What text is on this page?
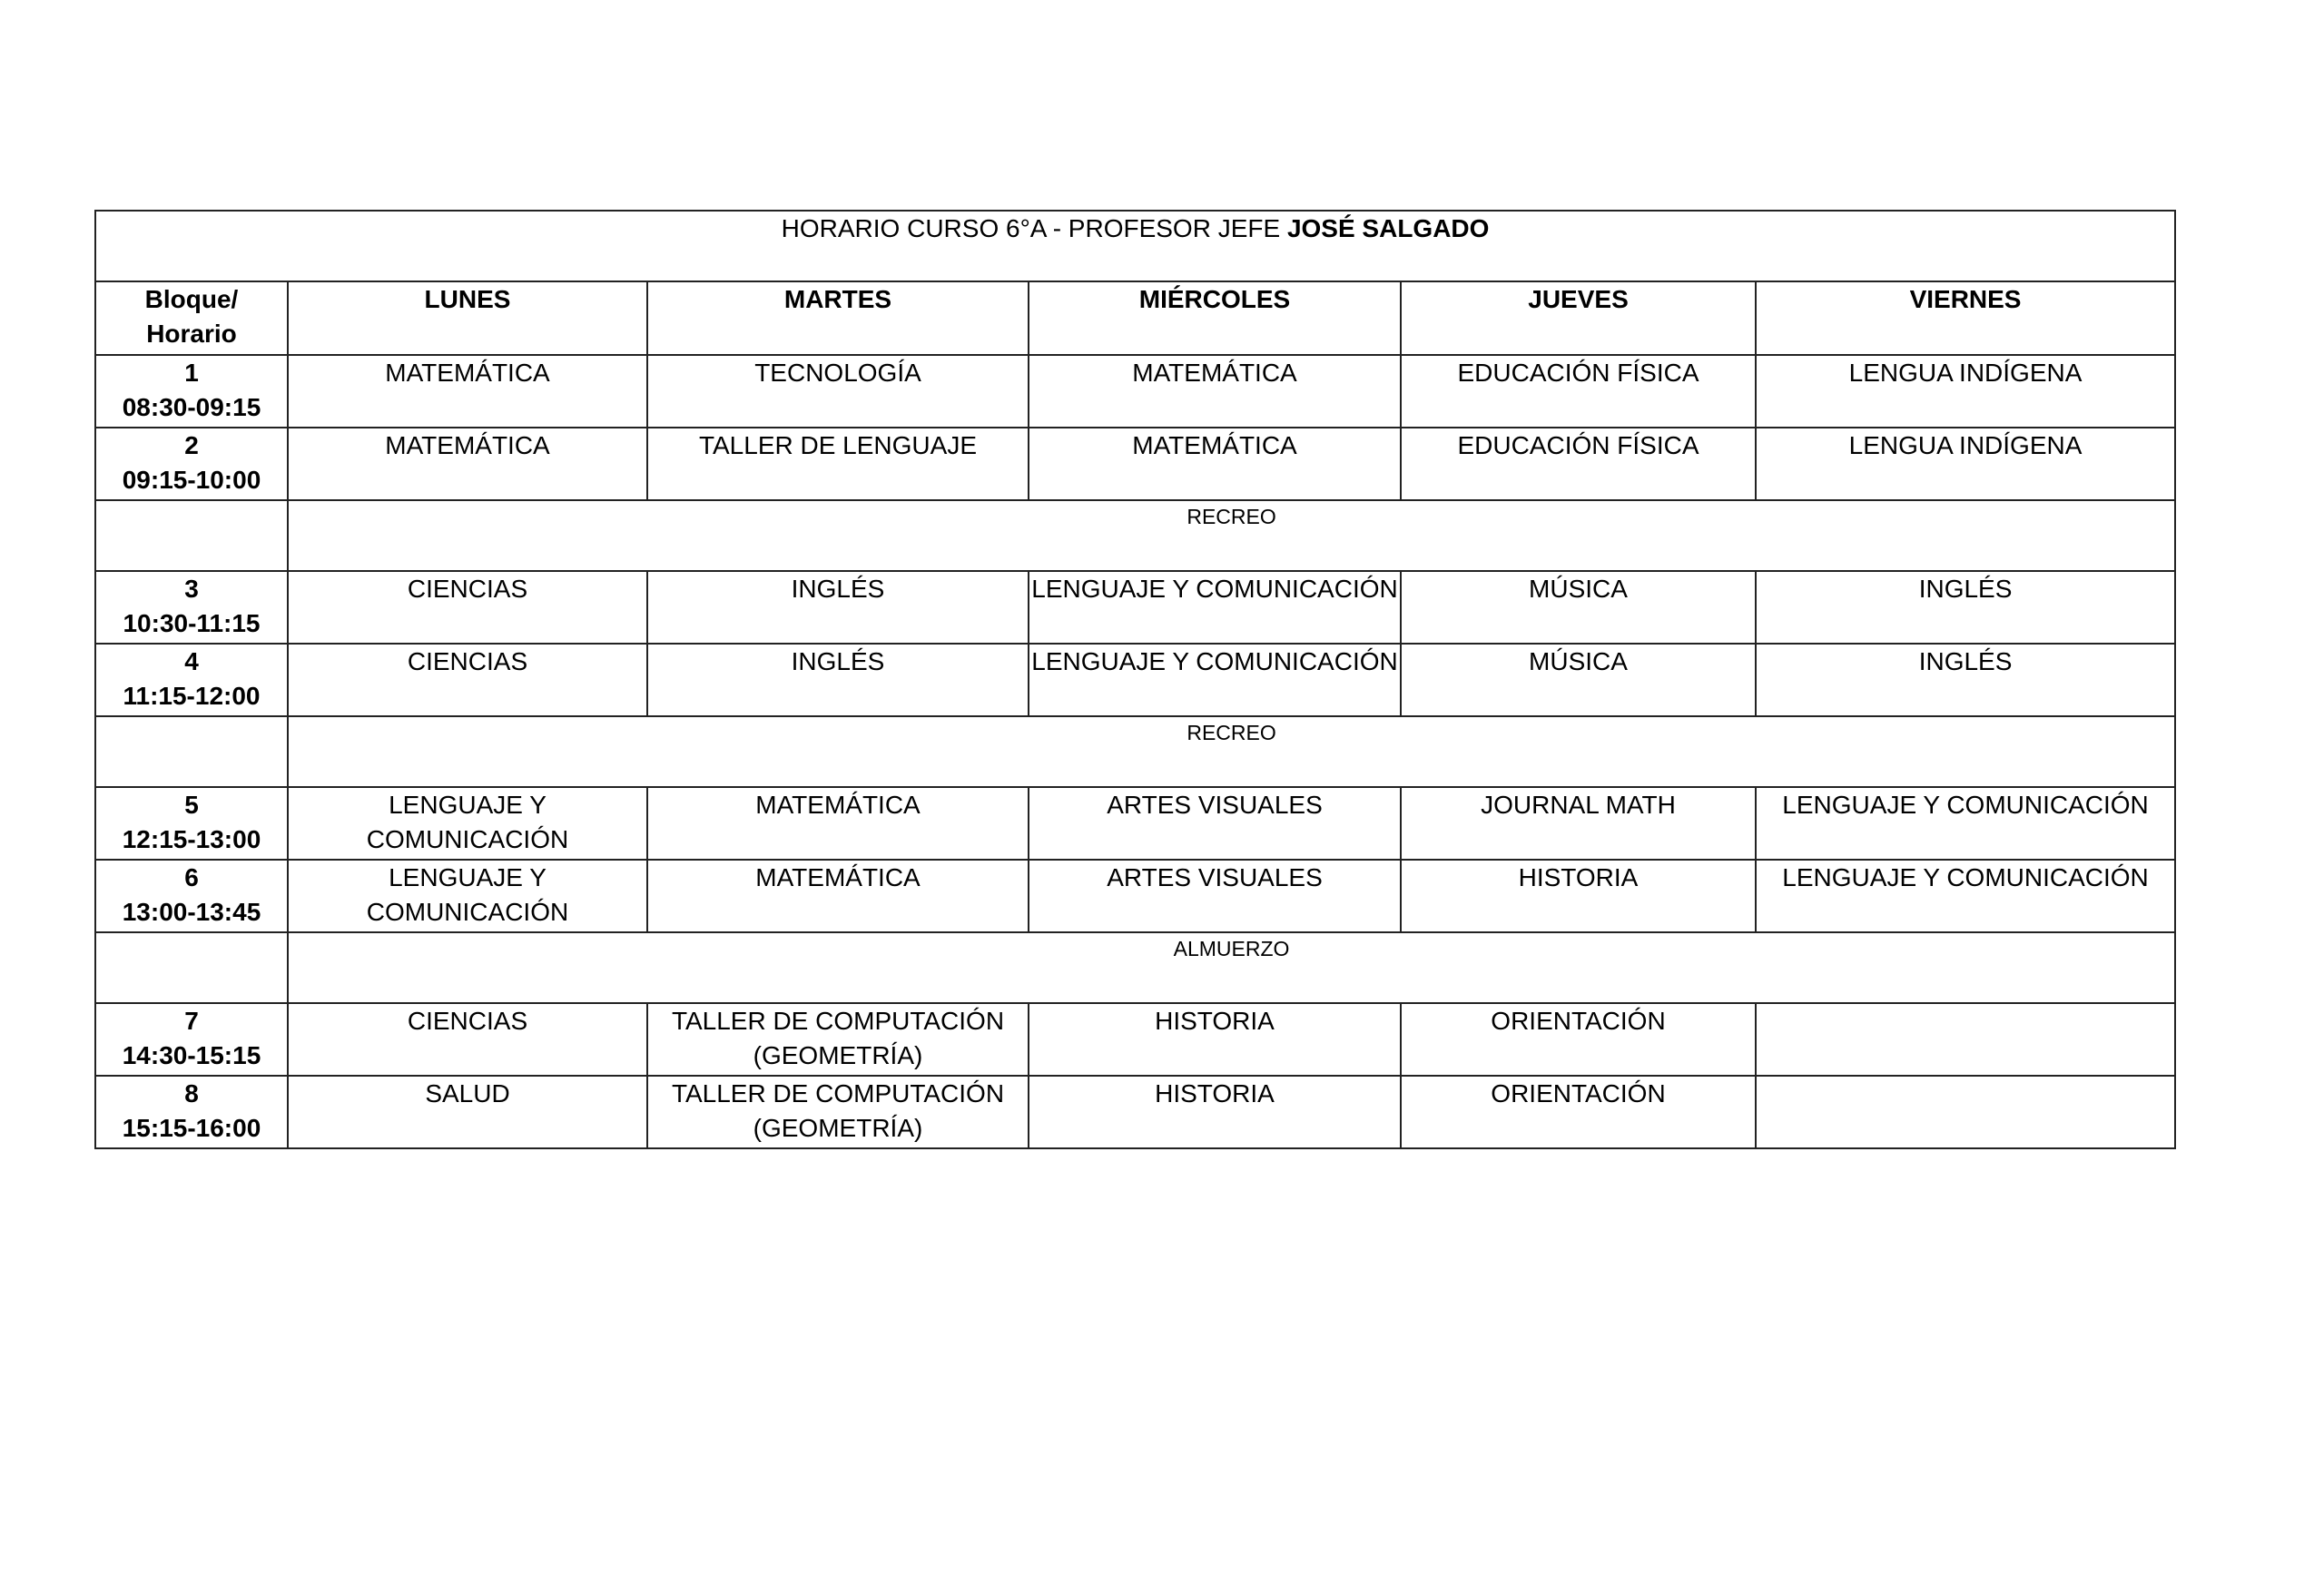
HORARIO CURSO 6°A - PROFESOR JEFE JOSÉ SALGADO					

Bloque/
Horario	LUNES	MARTES	MIÉRCOLES	JUEVES	VIERNES

1
08:30-09:15	MATEMÁTICA	TECNOLOGÍA	MATEMÁTICA	EDUCACIÓN FÍSICA	LENGUA INDÍGENA

2
09:15-10:00	MATEMÁTICA	TALLER DE LENGUAJE	MATEMÁTICA	EDUCACIÓN FÍSICA	LENGUA INDÍGENA

	RECREO				

3
10:30-11:15	CIENCIAS	INGLÉS	LENGUAJE Y COMUNICACIÓN	MÚSICA	INGLÉS

4
11:15-12:00	CIENCIAS	INGLÉS	LENGUAJE Y COMUNICACIÓN	MÚSICA	INGLÉS

	RECREO				

5
12:15-13:00	LENGUAJE Y COMUNICACIÓN	MATEMÁTICA	ARTES VISUALES	JOURNAL MATH	LENGUAJE Y COMUNICACIÓN

6
13:00-13:45	LENGUAJE Y COMUNICACIÓN	MATEMÁTICA	ARTES VISUALES	HISTORIA	LENGUAJE Y COMUNICACIÓN

	ALMUERZO				

7
14:30-15:15	CIENCIAS	TALLER DE COMPUTACIÓN (GEOMETRÍA)	HISTORIA	ORIENTACIÓN	

8
15:15-16:00	SALUD	TALLER DE COMPUTACIÓN (GEOMETRÍA)	HISTORIA	ORIENTACIÓN	
